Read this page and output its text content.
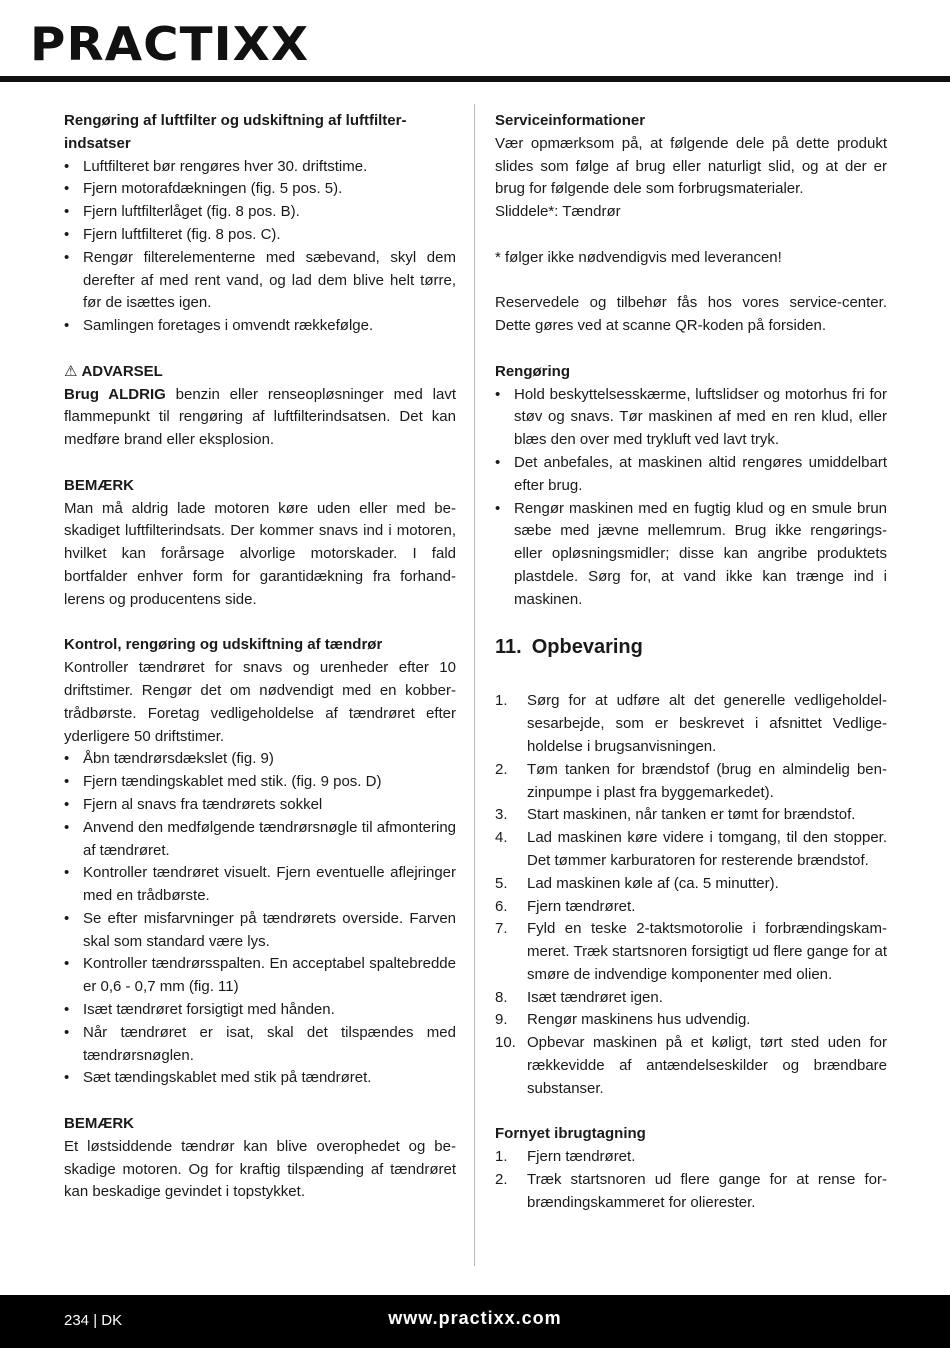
PRACTIXX
Rengøring af luftfilter og udskiftning af luftfilterindsatser
• Luftfilteret bør rengøres hver 30. driftstime.
• Fjern motorafdækningen (fig. 5 pos. 5).
• Fjern luftfilterlåget (fig. 8 pos. B).
• Fjern luftfilteret (fig. 8 pos. C).
• Rengør filterelementerne med sæbevand, skyl dem derefter af med rent vand, og lad dem blive helt tørre, før de isættes igen.
• Samlingen foretages i omvendt rækkefølge.
⚠ ADVARSEL

Brug ALDRIG benzin eller renseopløsninger med lavt flammepunkt til rengøring af luftfilterindsatsen. Det kan medføre brand eller eksplosion.

BEMÆRK

Man må aldrig lade motoren køre uden eller med beskadiget luftfilterindsats. Der kommer snavs ind i motoren, hvilket kan forårsage alvorlige motorskader. I fald bortfalder enhver form for garantidækning fra forhandlerens og producentens side.

Kontrol, rengøring og udskiftning af tændrør

Kontroller tændrøret for snavs og urenheder efter 10 driftstimer. Rengør det om nødvendigt med en kobbertrådbørste. Foretag vedligeholdelse af tændrøret efter yderligere 50 driftstimer.

• Åbn tændrørsdækslet (fig. 9)
• Fjern tændingskablet med stik. (fig. 9 pos. D)
• Fjern al snavs fra tændrørets sokkel
• Anvend den medfølgende tændrørsnøgle til afmontering af tændrøret.
• Kontroller tændrøret visuelt. Fjern eventuelle aflejringer med en trådbørste.
• Se efter misfarvninger på tændrørets overside. Farven skal som standard være lys.
• Kontroller tændrørsspalten. En acceptabel spaltebredde er 0,6 - 0,7 mm (fig. 11)
• Isæt tændrøret forsigtigt med hånden.
• Når tændrøret er isat, skal det tilspændes med tændrørsnøglen.
• Sæt tændingskablet med stik på tændrøret.
BEMÆRK

Et løstsiddende tændrør kan blive overophedet og beskadige motoren. Og for kraftig tilspænding af tændrøret kan beskadige gevindet i topstykket.

Serviceinformationer

Vær opmærksom på, at følgende dele på dette produkt slides som følge af brug eller naturligt slid, og at der er brug for følgende dele som forbrugsmaterialer.

Sliddele*: Tændrør

* følger ikke nødvendigvis med leverancen!

Reservedele og tilbehør fås hos vores service-center. Dette gøres ved at scanne QR-koden på forsiden.

Rengøring
• Hold beskyttelsesskærme, luftslidser og motorhus fri for støv og snavs. Tør maskinen af med en ren klud, eller blæs den over med trykluft ved lavt tryk.
• Det anbefales, at maskinen altid rengøres umiddelbart efter brug.
• Rengør maskinen med en fugtig klud og en smule brun sæbe med jævne mellemrum. Brug ikke rengørings- eller opløsningsmidler; disse kan angribe produktets plastdele. Sørg for, at vand ikke kan trænge ind i maskinen.
11. Opbevaring
1. Sørg for at udføre alt det generelle vedligeholdelsesarbejde, som er beskrevet i afsnittet Vedligeholdelse i brugsanvisningen.
2. Tøm tanken for brændstof (brug en almindelig benzinpumpe i plast fra byggemarkedet).
3. Start maskinen, når tanken er tømt for brændstof.
4. Lad maskinen køre videre i tomgang, til den stopper. Det tømmer karburatoren for resterende brændstof.
5. Lad maskinen køle af (ca. 5 minutter).
6. Fjern tændrøret.
7. Fyld en teske 2-taktsmotorolie i forbrændingskammeret. Træk startsnoren forsigtigt ud flere gange for at smøre de indvendige komponenter med olien.
8. Isæt tændrøret igen.
9. Rengør maskinens hus udvendig.
10. Opbevar maskinen på et køligt, tørt sted uden for rækkevidde af antændelseskilder og brændbare substanser.
Fornyet ibrugtagning
1. Fjern tændrøret.
2. Træk startsnoren ud flere gange for at rense forbrændingskammeret for olierester.
234 | DK	www.practixx.com
